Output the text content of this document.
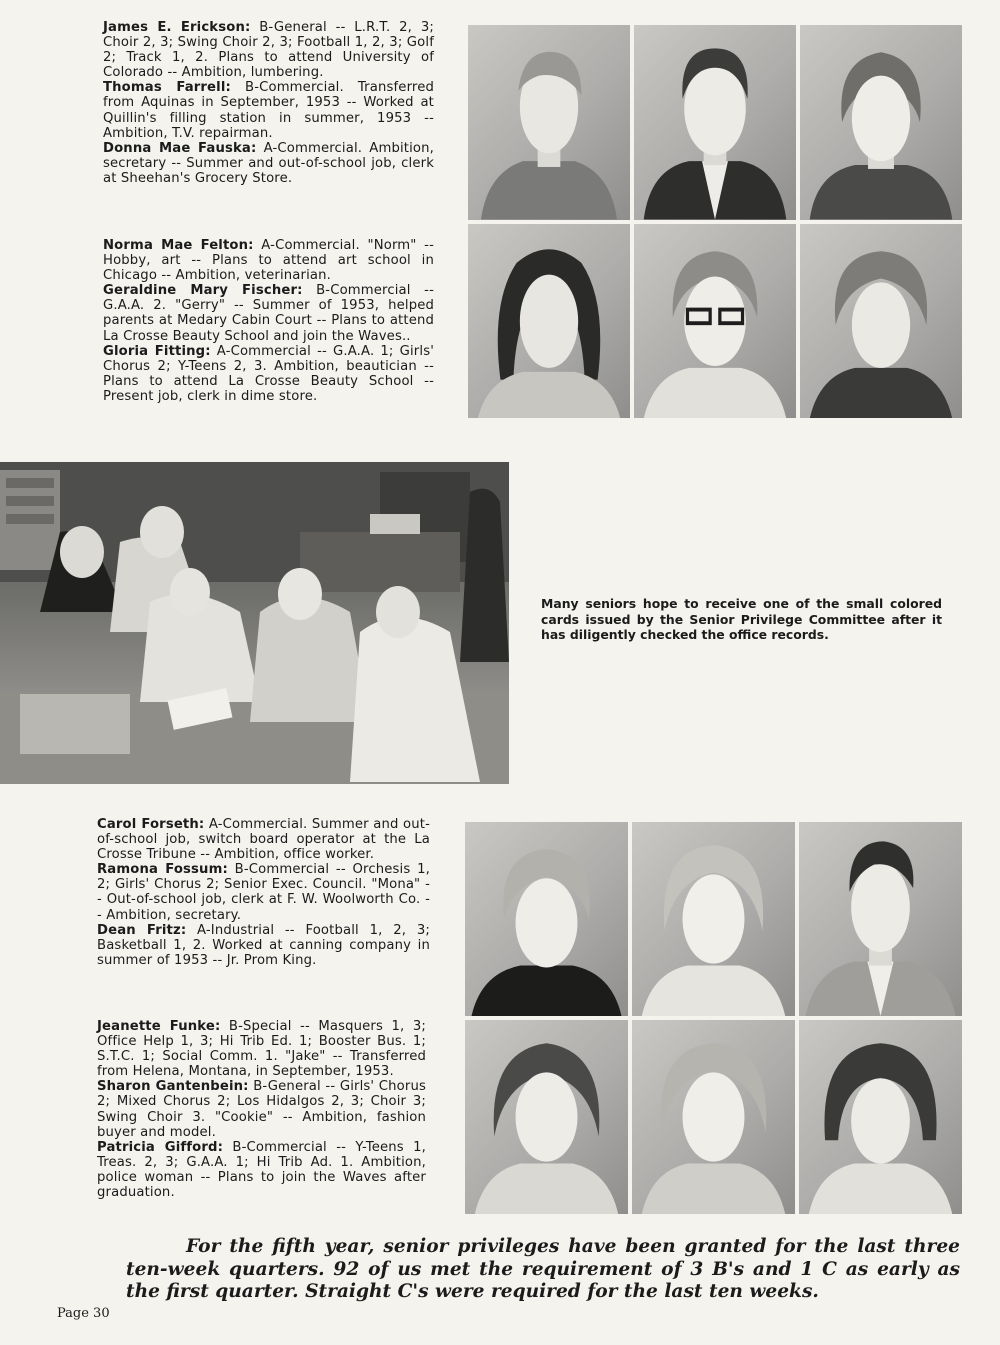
James E. Erickson: B-General -- L.R.T. 2, 3; Choir 2, 3; Swing Choir 2, 3; Football 1, 2, 3; Golf 2; Track 1, 2. Plans to attend University of Colorado -- Ambition, lumbering.

Thomas Farrell: B-Commercial. Transferred from Aquinas in September, 1953 -- Worked at Quillin's filling station in summer, 1953 -- Ambition, T.V. repairman.

Donna Mae Fauska: A-Commercial. Ambition, secretary -- Summer and out-of-school job, clerk at Sheehan's Grocery Store.

Norma Mae Felton: A-Commercial. "Norm" -- Hobby, art -- Plans to attend art school in Chicago -- Ambition, veterinarian.

Geraldine Mary Fischer: B-Commercial -- G.A.A. 2. "Gerry" -- Summer of 1953, helped parents at Medary Cabin Court -- Plans to attend La Crosse Beauty School and join the Waves..

Gloria Fitting: A-Commercial -- G.A.A. 1; Girls' Chorus 2; Y-Teens 2, 3. Ambition, beautician -- Plans to attend La Crosse Beauty School -- Present job, clerk in dime store.

Many seniors hope to receive one of the small colored cards issued by the Senior Privilege Committee after it has diligently checked the office records.

Carol Forseth: A-Commercial. Summer and out-of-school job, switch board operator at the La Crosse Tribune -- Ambition, office worker.

Ramona Fossum: B-Commercial -- Orchesis 1, 2; Girls' Chorus 2; Senior Exec. Council. "Mona" -- Out-of-school job, clerk at F. W. Woolworth Co. -- Ambition, secretary.

Dean Fritz: A-Industrial -- Football 1, 2, 3; Basketball 1, 2. Worked at canning company in summer of 1953 -- Jr. Prom King.

Jeanette Funke: B-Special -- Masquers 1, 3; Office Help 1, 3; Hi Trib Ed. 1; Booster Bus. 1; S.T.C. 1; Social Comm. 1. "Jake" -- Transferred from Helena, Montana, in September, 1953.

Sharon Gantenbein: B-General -- Girls' Chorus 2; Mixed Chorus 2; Los Hidalgos 2, 3; Choir 3; Swing Choir 3. "Cookie" -- Ambition, fashion buyer and model.

Patricia Gifford: B-Commercial -- Y-Teens 1, Treas. 2, 3; G.A.A. 1; Hi Trib Ad. 1. Ambition, police woman -- Plans to join the Waves after graduation.

For the fifth year, senior privileges have been granted for the last three ten-week quarters. 92 of us met the requirement of 3 B's and 1 C as early as the first quarter. Straight C's were required for the last ten weeks.

Page 30
